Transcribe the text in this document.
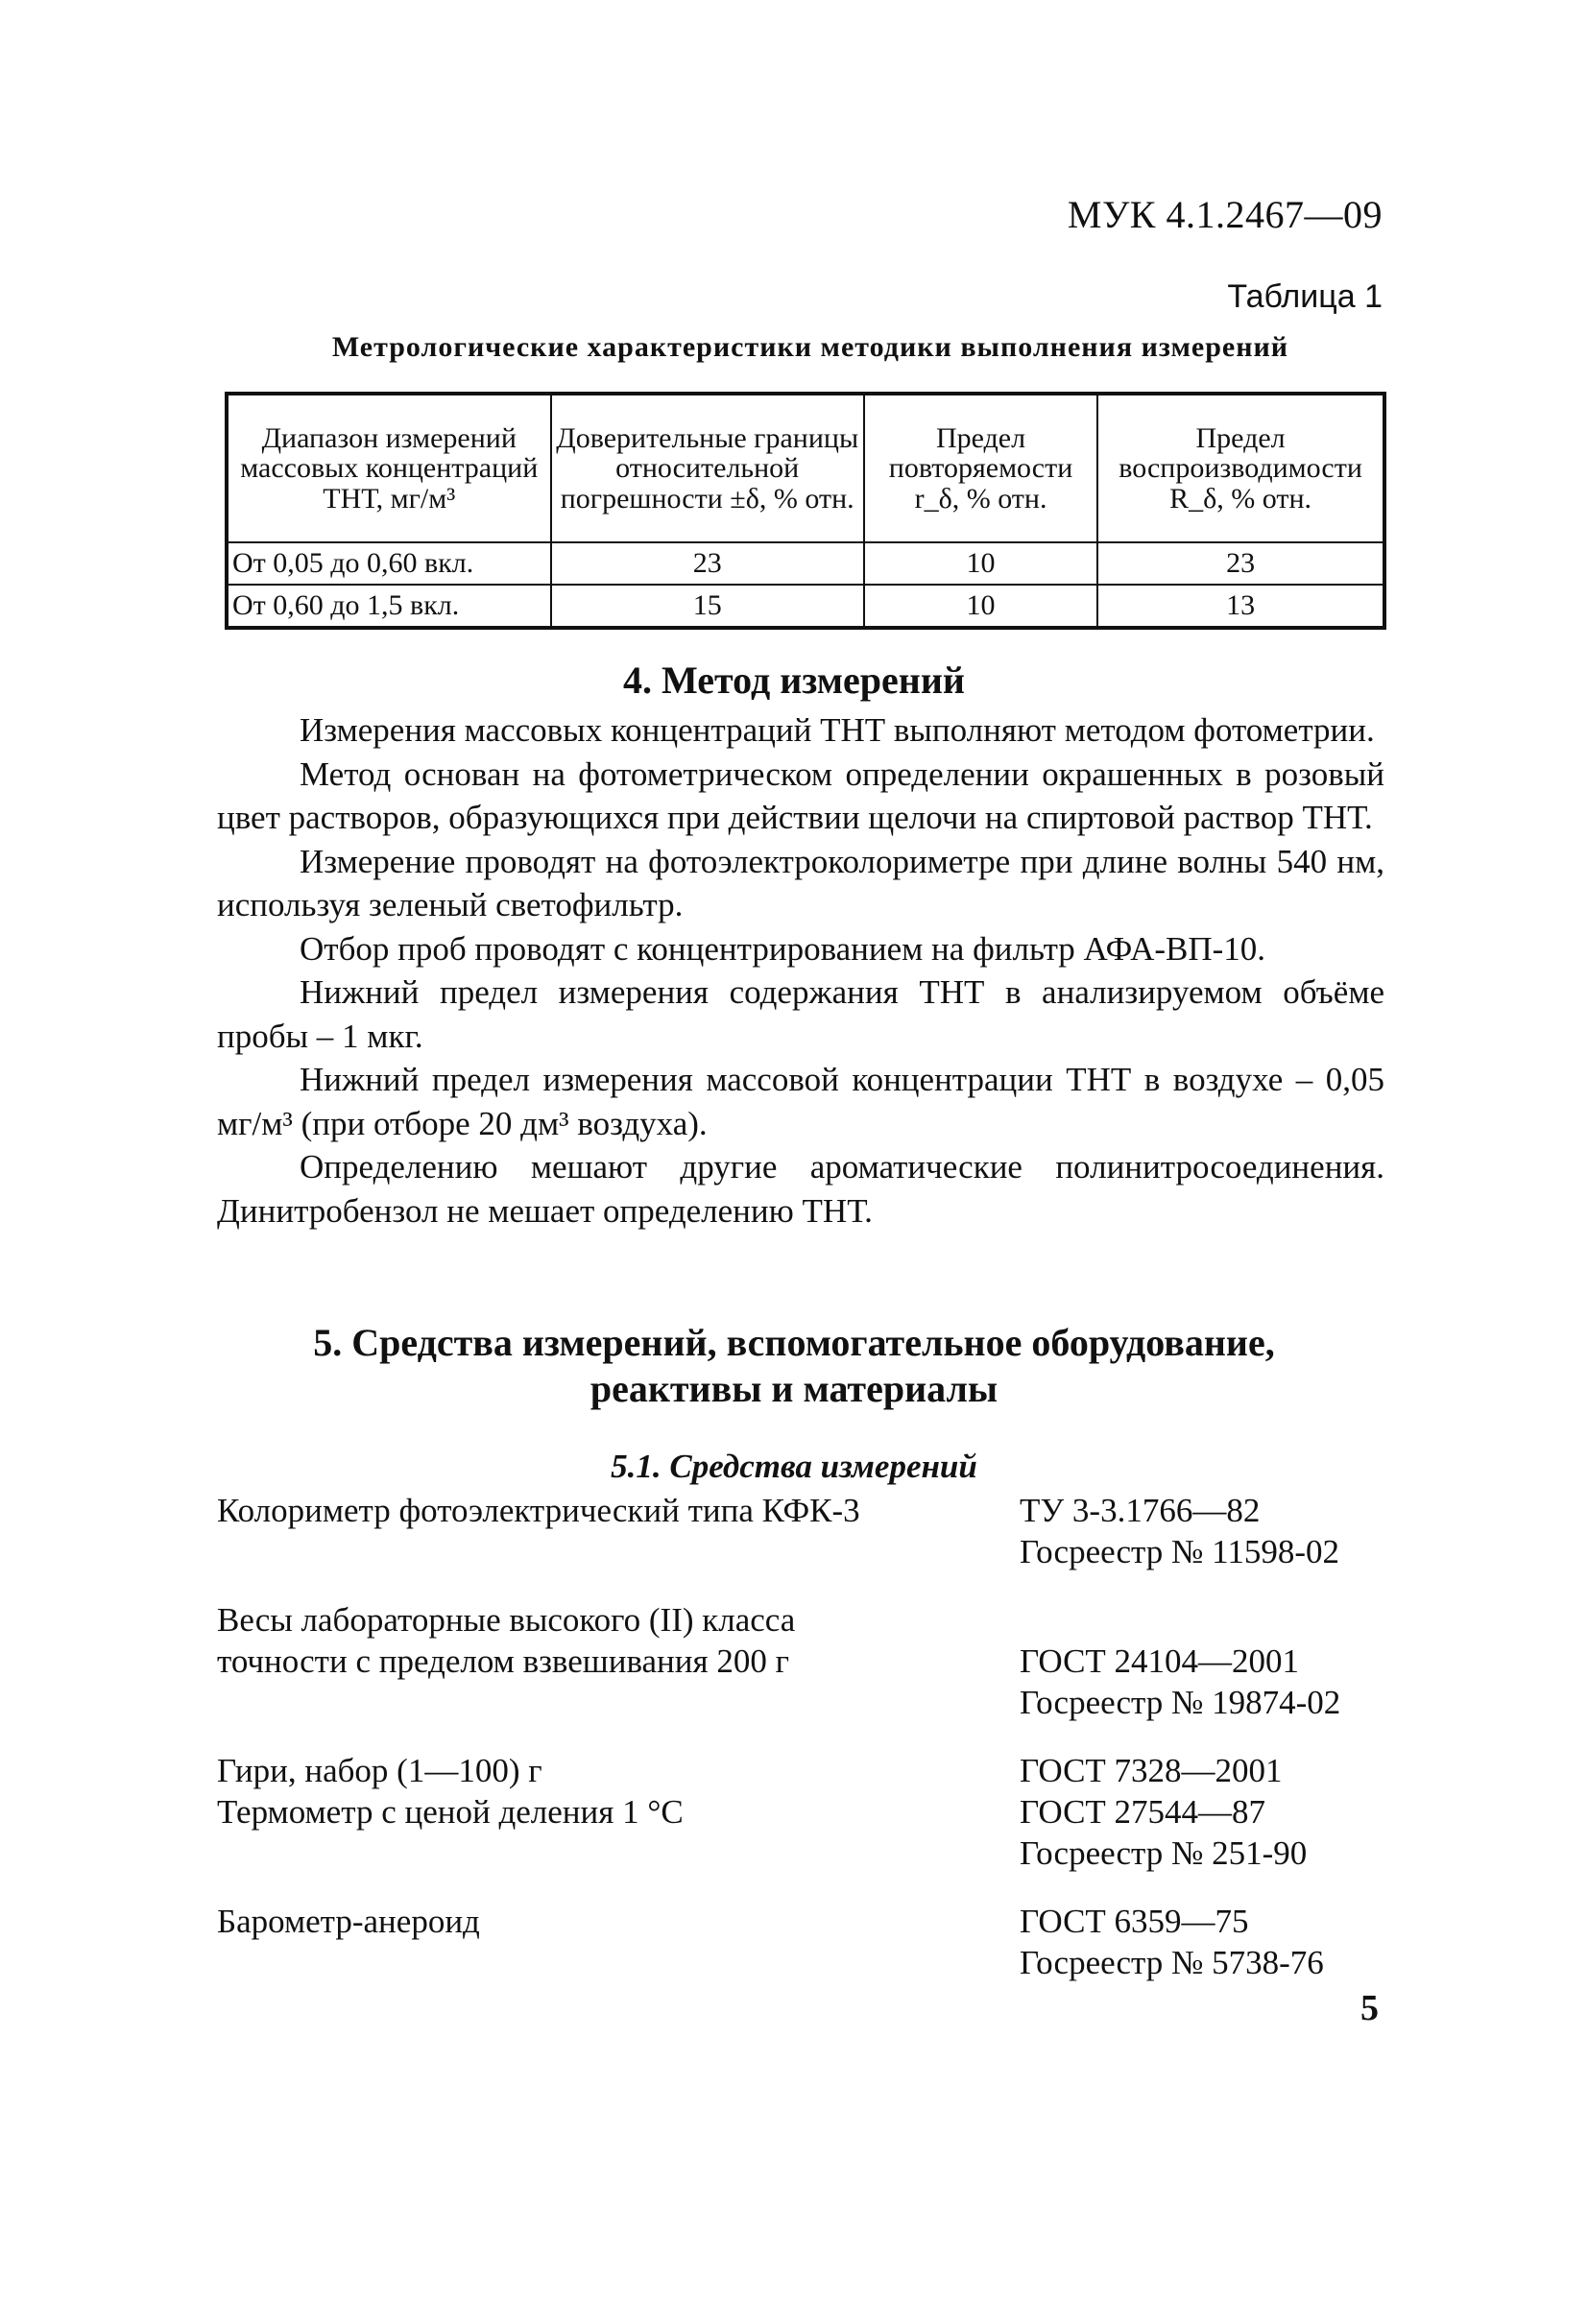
МУК 4.1.2467—09
Таблица 1
Метрологические характеристики методики выполнения измерений
Диапазон измерений массовых концентраций ТНТ, мг/м³	Доверительные границы относительной погрешности ±δ, % отн.	Предел повторяемости r_δ, % отн.	Предел воспроизводимости R_δ, % отн.
От 0,05 до 0,60 вкл.	23	10	23
От 0,60 до 1,5 вкл.	15	10	13
4. Метод измерений

Измерения массовых концентраций ТНТ выполняют методом фотометрии.

Метод основан на фотометрическом определении окрашенных в розовый цвет растворов, образующихся при действии щелочи на спиртовой раствор ТНТ.

Измерение проводят на фотоэлектроколориметре при длине волны 540 нм, используя зеленый светофильтр.

Отбор проб проводят с концентрированием на фильтр АФА-ВП-10.

Нижний предел измерения содержания ТНТ в анализируемом объёме пробы – 1 мкг.

Нижний предел измерения массовой концентрации ТНТ в воздухе – 0,05 мг/м³ (при отборе 20 дм³ воздуха).

Определению мешают другие ароматические полинитросоединения. Динитробензол не мешает определению ТНТ.

5. Средства измерений, вспомогательное оборудование,
реактивы и материалы
5.1. Средства измерений
Колориметр фотоэлектрический типа КФК-3	ТУ 3-3.1766—82
Госреестр № 11598-02
Весы лабораторные высокого (II) класса
точности с пределом взвешивания 200 г
	ГОСТ 24104—2001
Госреестр № 19874-02
Гири, набор (1—100) г	ГОСТ 7328—2001
Термометр с ценой деления 1 °С	ГОСТ 27544—87
Госреестр № 251-90
Барометр-анероид	ГОСТ 6359—75
Госреестр № 5738-76
5
